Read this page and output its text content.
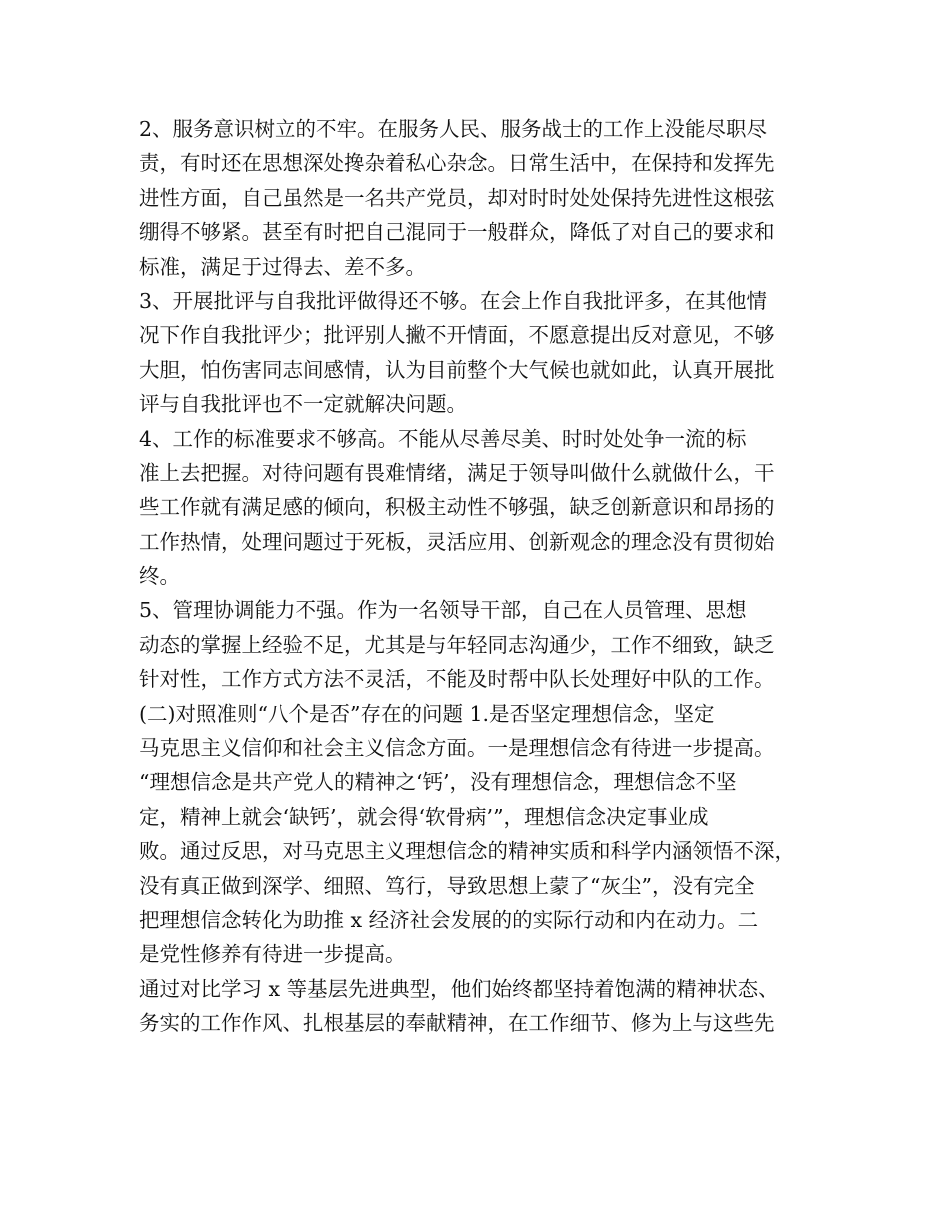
2、服务意识树立的不牢。在服务人民、服务战士的工作上没能尽职尽
责，有时还在思想深处搀杂着私心杂念。日常生活中，在保持和发挥先
进性方面，自己虽然是一名共产党员，却对时时处处保持先进性这根弦
绷得不够紧。甚至有时把自己混同于一般群众，降低了对自己的要求和
标准，满足于过得去、差不多。
3、开展批评与自我批评做得还不够。在会上作自我批评多，在其他情
况下作自我批评少；批评别人撇不开情面，不愿意提出反对意见，不够
大胆，怕伤害同志间感情，认为目前整个大气候也就如此，认真开展批
评与自我批评也不一定就解决问题。
4、工作的标准要求不够高。不能从尽善尽美、时时处处争一流的标
准上去把握。对待问题有畏难情绪，满足于领导叫做什么就做什么，干
些工作就有满足感的倾向，积极主动性不够强，缺乏创新意识和昂扬的
工作热情，处理问题过于死板，灵活应用、创新观念的理念没有贯彻始
终。
5、管理协调能力不强。作为一名领导干部，自己在人员管理、思想
动态的掌握上经验不足，尤其是与年轻同志沟通少，工作不细致，缺乏
针对性，工作方式方法不灵活，不能及时帮中队长处理好中队的工作。
(二)对照准则“八个是否”存在的问题 1.是否坚定理想信念，坚定
马克思主义信仰和社会主义信念方面。一是理想信念有待进一步提高。
“理想信念是共产党人的精神之‘钙’，没有理想信念，理想信念不坚
定，精神上就会‘缺钙’，就会得‘软骨病’”，理想信念决定事业成
败。通过反思，对马克思主义理想信念的精神实质和科学内涵领悟不深，
没有真正做到深学、细照、笃行，导致思想上蒙了“灰尘”，没有完全
把理想信念转化为助推 x 经济社会发展的的实际行动和内在动力。二
是党性修养有待进一步提高。
通过对比学习 x 等基层先进典型，他们始终都坚持着饱满的精神状态、
务实的工作作风、扎根基层的奉献精神，在工作细节、修为上与这些先
